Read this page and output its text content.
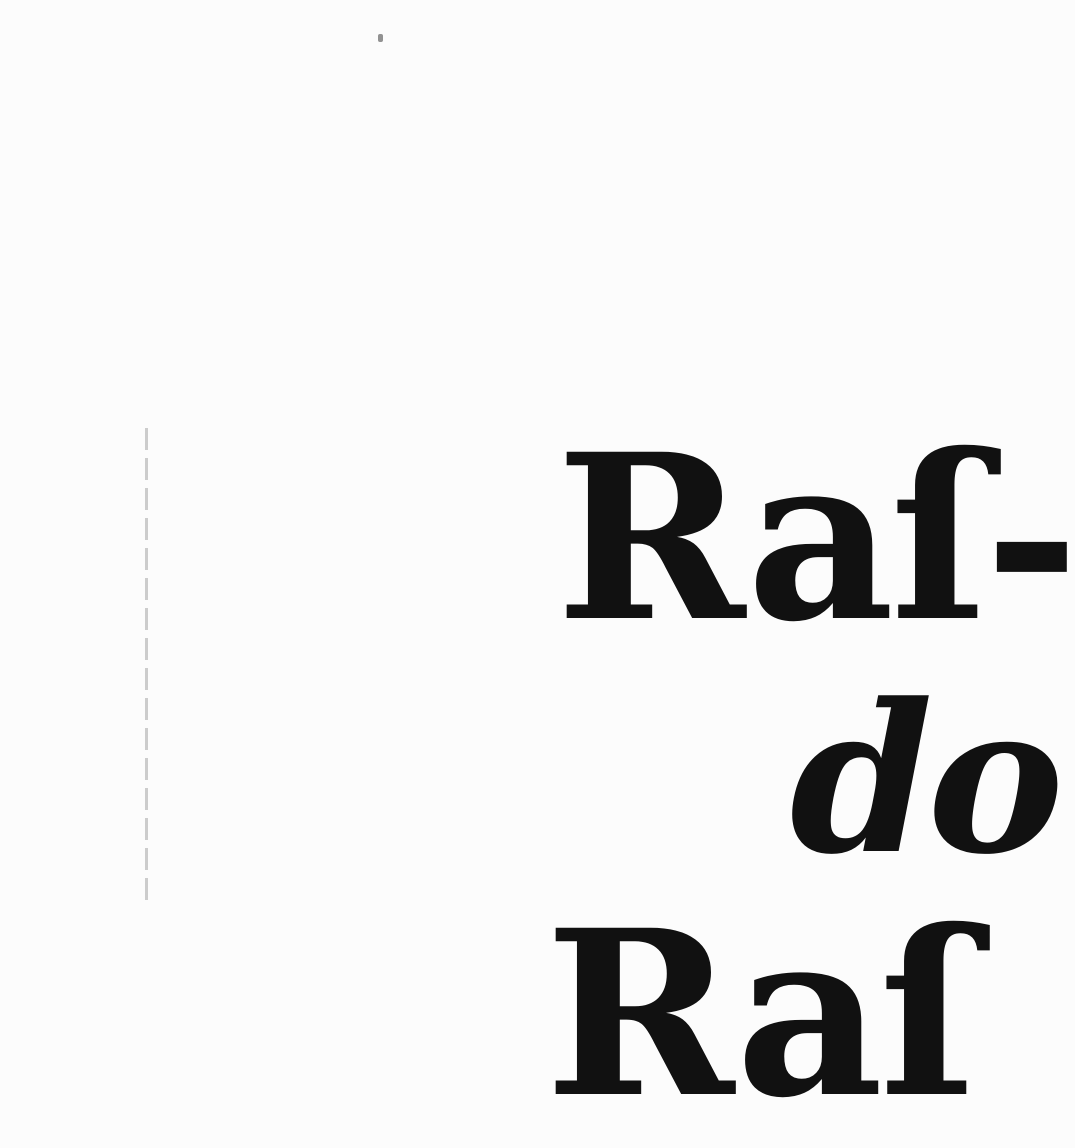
Raſ-
do
Raſ
